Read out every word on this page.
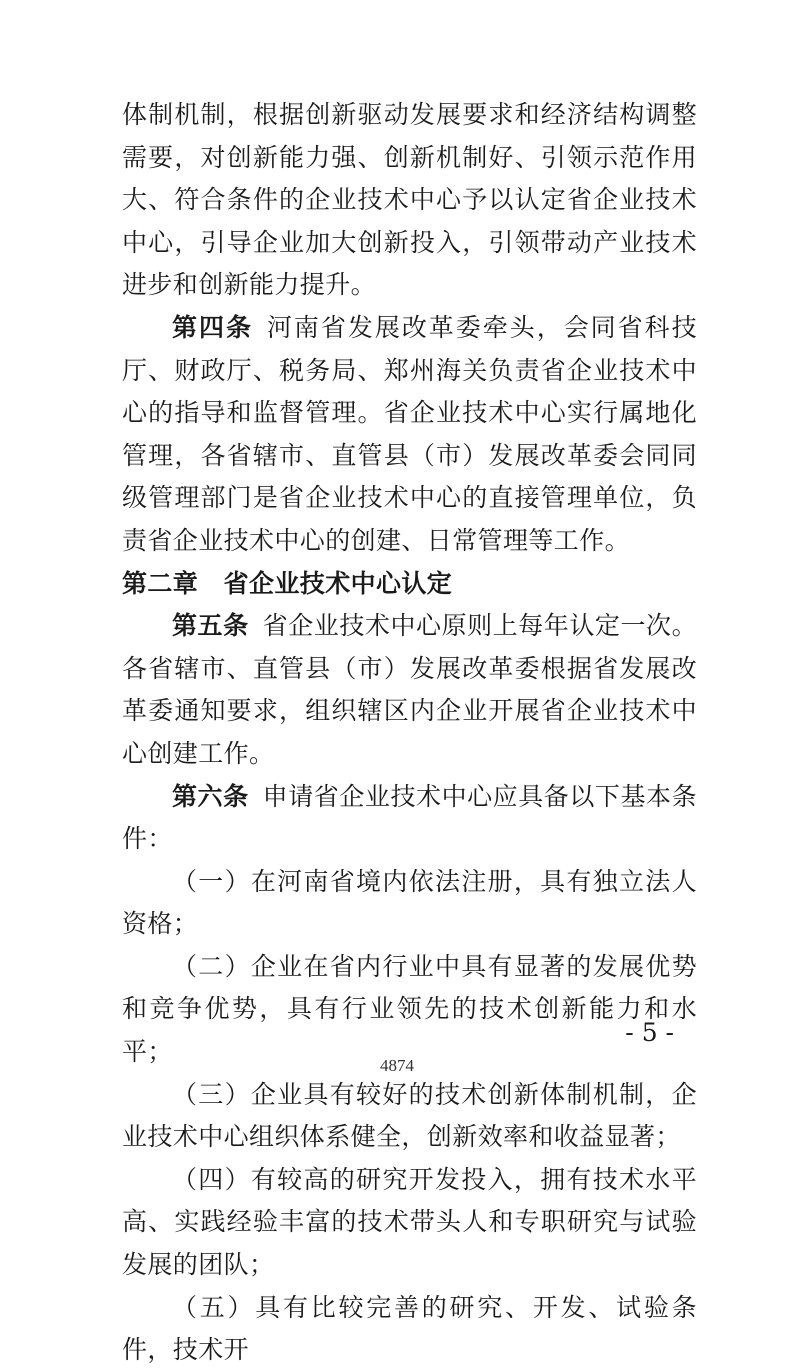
体制机制，根据创新驱动发展要求和经济结构调整需要，对创新能力强、创新机制好、引领示范作用大、符合条件的企业技术中心予以认定省企业技术中心，引导企业加大创新投入，引领带动产业技术进步和创新能力提升。

第四条 河南省发展改革委牵头，会同省科技厅、财政厅、税务局、郑州海关负责省企业技术中心的指导和监督管理。省企业技术中心实行属地化管理，各省辖市、直管县（市）发展改革委会同同级管理部门是省企业技术中心的直接管理单位，负责省企业技术中心的创建、日常管理等工作。

第二章　省企业技术中心认定

第五条 省企业技术中心原则上每年认定一次。各省辖市、直管县（市）发展改革委根据省发展改革委通知要求，组织辖区内企业开展省企业技术中心创建工作。

第六条 申请省企业技术中心应具备以下基本条件：

（一）在河南省境内依法注册，具有独立法人资格；

（二）企业在省内行业中具有显著的发展优势和竞争优势，具有行业领先的技术创新能力和水平；

（三）企业具有较好的技术创新体制机制，企业技术中心组织体系健全，创新效率和收益显著；

（四）有较高的研究开发投入，拥有技术水平高、实践经验丰富的技术带头人和专职研究与试验发展的团队；

（五）具有比较完善的研究、开发、试验条件，技术开

- 5 -
4874
